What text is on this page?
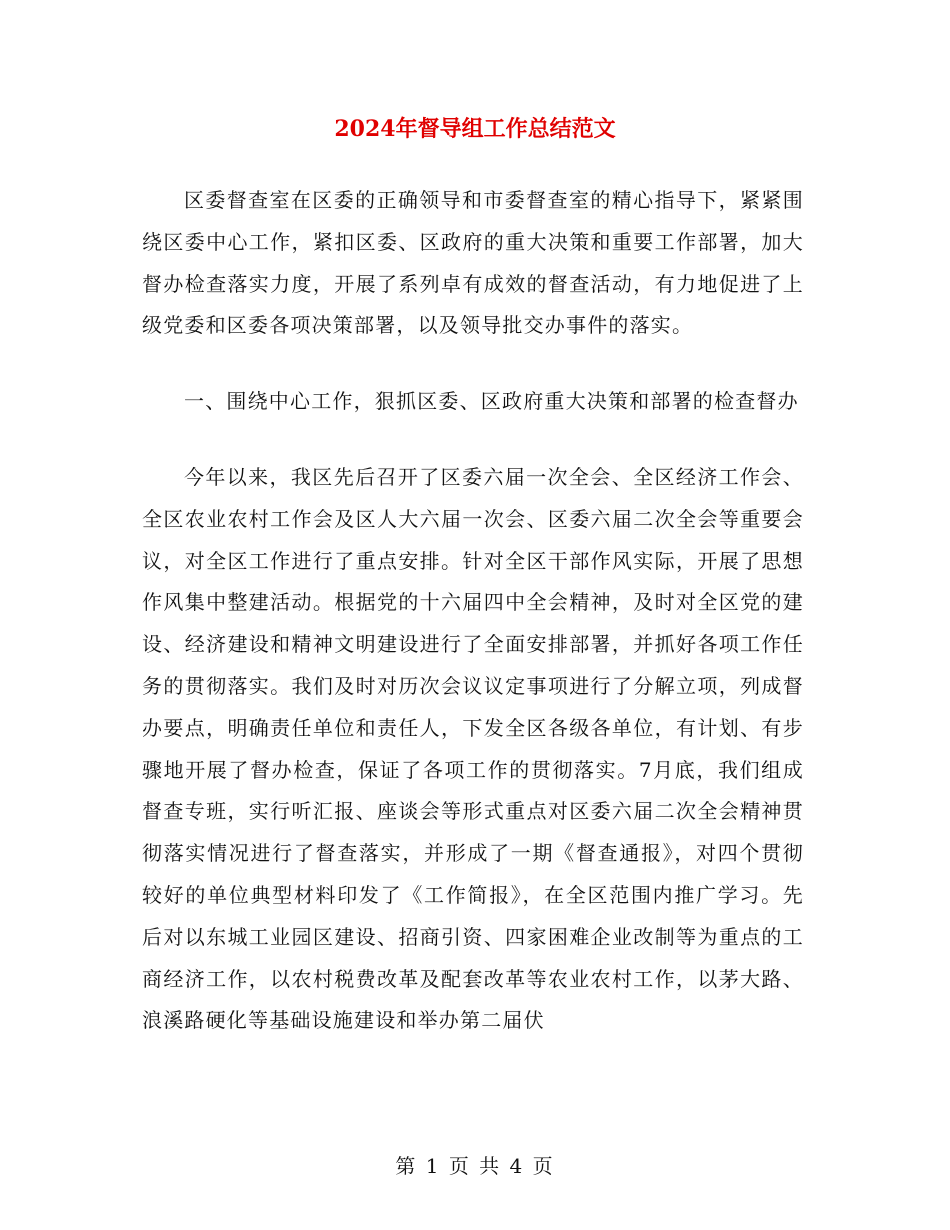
2024年督导组工作总结范文

区委督查室在区委的正确领导和市委督查室的精心指导下，紧紧围绕区委中心工作，紧扣区委、区政府的重大决策和重要工作部署，加大督办检查落实力度，开展了系列卓有成效的督查活动，有力地促进了上级党委和区委各项决策部署，以及领导批交办事件的落实。

一、围绕中心工作，狠抓区委、区政府重大决策和部署的检查督办

今年以来，我区先后召开了区委六届一次全会、全区经济工作会、全区农业农村工作会及区人大六届一次会、区委六届二次全会等重要会议，对全区工作进行了重点安排。针对全区干部作风实际，开展了思想作风集中整建活动。根据党的十六届四中全会精神，及时对全区党的建设、经济建设和精神文明建设进行了全面安排部署，并抓好各项工作任务的贯彻落实。我们及时对历次会议议定事项进行了分解立项，列成督办要点，明确责任单位和责任人，下发全区各级各单位，有计划、有步骤地开展了督办检查，保证了各项工作的贯彻落实。7月底，我们组成督查专班，实行听汇报、座谈会等形式重点对区委六届二次全会精神贯彻落实情况进行了督查落实，并形成了一期《督查通报》，对四个贯彻较好的单位典型材料印发了《工作简报》，在全区范围内推广学习。先后对以东城工业园区建设、招商引资、四家困难企业改制等为重点的工商经济工作，以农村税费改革及配套改革等农业农村工作，以茅大路、浪溪路硬化等基础设施建设和举办第二届伏

第 1 页 共 4 页
